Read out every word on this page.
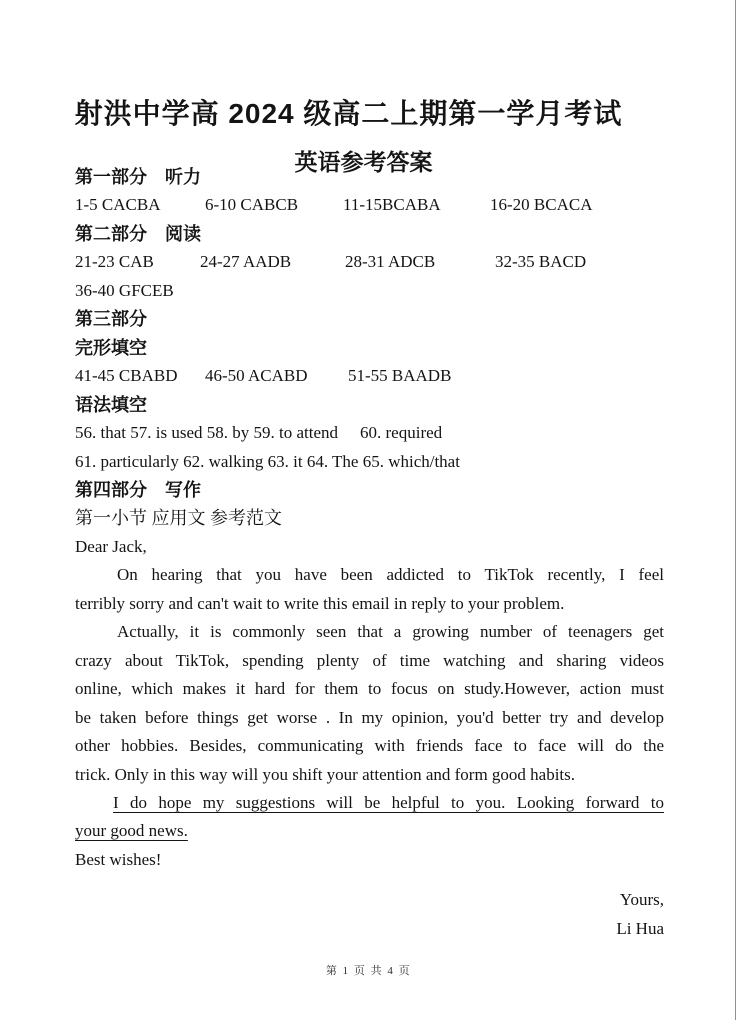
射洪中学高 2024 级高二上期第一学月考试
英语参考答案
第一部分　听力
1-5 CACBA	6-10 CABCB	11-15BCABA	16-20 BCACA
第二部分　阅读
21-23 CAB	24-27 AADB	28-31 ADCB	32-35 BACD
36-40 GFCEB
第三部分
完形填空
41-45 CBABD	46-50 ACABD	51-55 BAADB
语法填空
56. that 57. is used 58. by 59. to attend 60. required
61. particularly 62. walking 63. it 64. The 65. which/that
第四部分　写作
第一小节 应用文 参考范文
Dear Jack,
On hearing that you have been addicted to TikTok recently, I feel
terribly sorry and can't wait to write this email in reply to your problem.
Actually, it is commonly seen that a growing number of teenagers get
crazy about TikTok, spending plenty of time watching and sharing videos
online, which makes it hard for them to focus on study.However, action must
be taken before things get worse . In my opinion, you'd better try and develop
other hobbies. Besides, communicating with friends face to face will do the
trick. Only in this way will you shift your attention and form good habits.
I do hope my suggestions will be helpful to you. Looking forward to
your good news.
Best wishes!
Yours,
Li Hua
第 1 页 共 4 页
